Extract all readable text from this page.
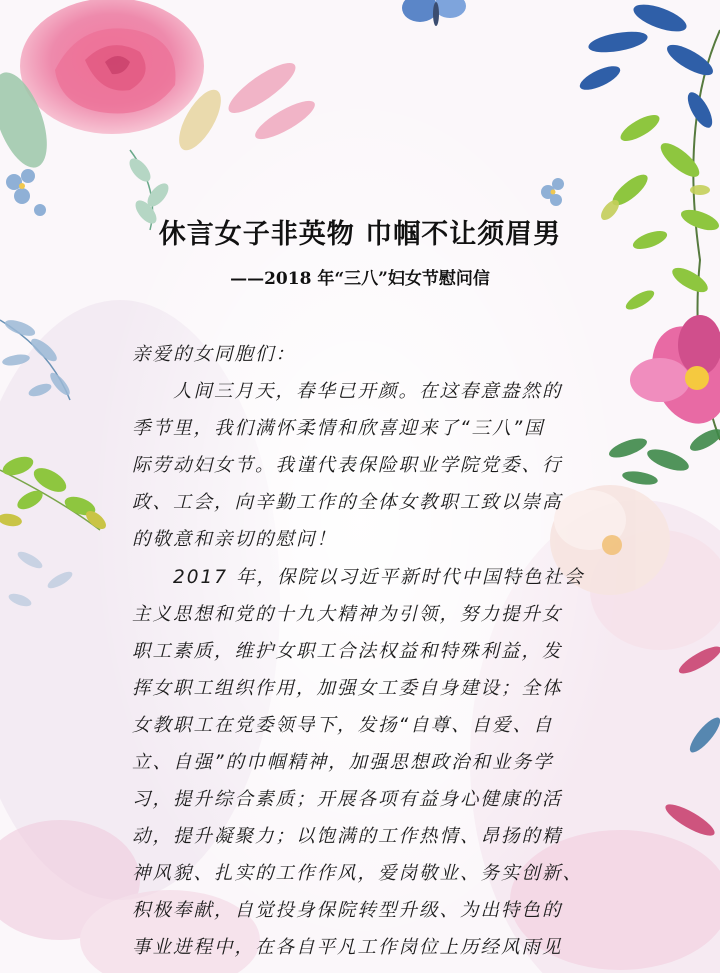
休言女子非英物 巾帼不让须眉男
——2018 年“三八”妇女节慰问信
亲爱的女同胞们：
　　人间三月天，春华已开颜。在这春意盎然的
季节里，我们满怀柔情和欣喜迎来了“三八”国
际劳动妇女节。我谨代表保险职业学院党委、行
政、工会，向辛勤工作的全体女教职工致以崇高
的敬意和亲切的慰问！
　　2017 年，保院以习近平新时代中国特色社会
主义思想和党的十九大精神为引领，努力提升女
职工素质，维护女职工合法权益和特殊利益，发
挥女职工组织作用，加强女工委自身建设；全体
女教职工在党委领导下，发扬“自尊、自爱、自
立、自强”的巾帼精神，加强思想政治和业务学
习，提升综合素质；开展各项有益身心健康的活
动，提升凝聚力；以饱满的工作热情、昂扬的精
神风貌、扎实的工作作风，爱岗敬业、务实创新、
积极奉献，自觉投身保院转型升级、为出特色的
事业进程中，在各自平凡工作岗位上历经风雨见
